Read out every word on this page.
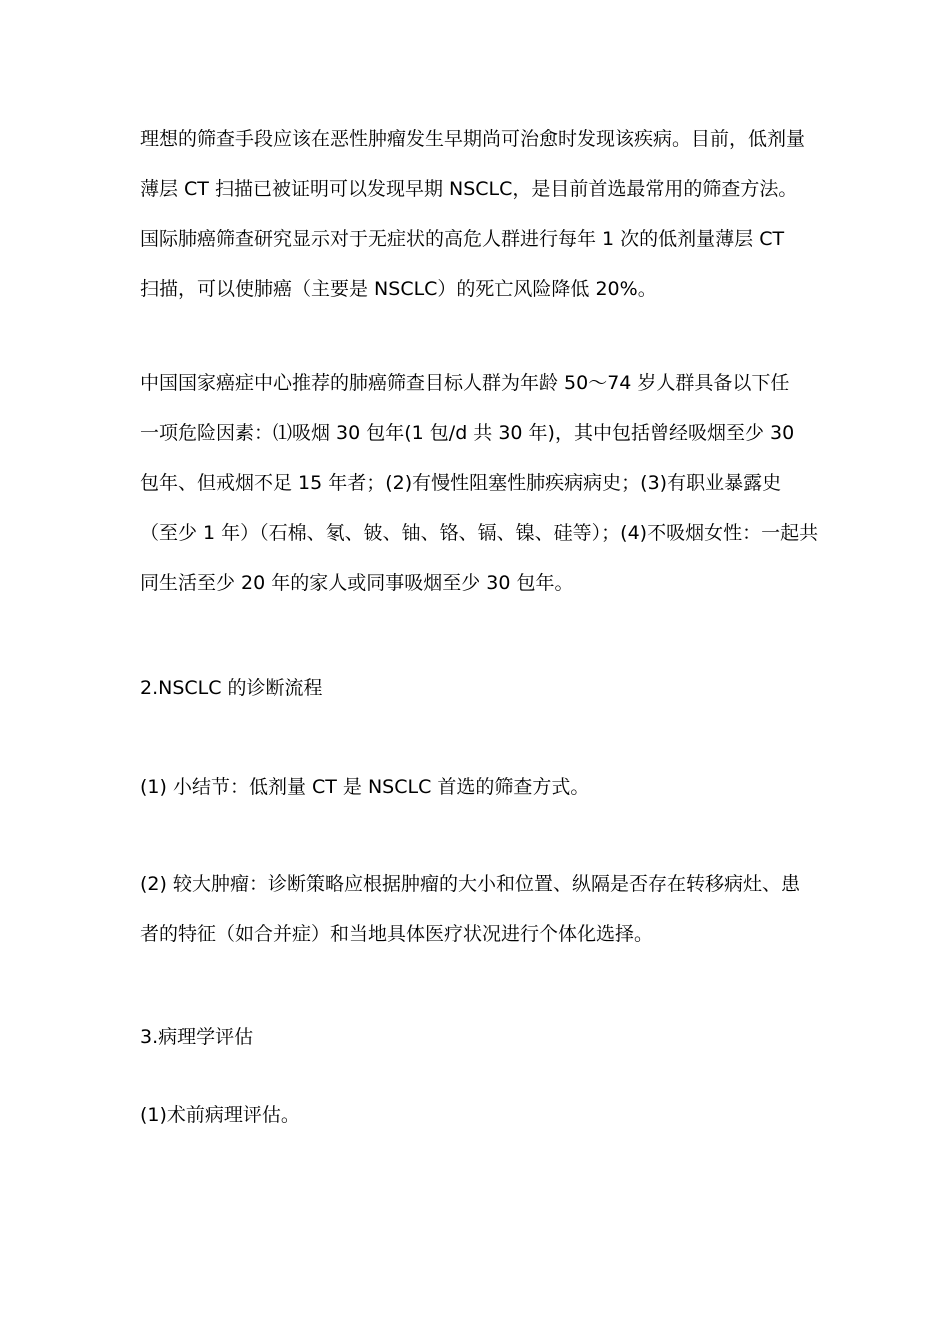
理想的筛查手段应该在恶性肿瘤发生早期尚可治愈时发现该疾病。目前，低剂量
薄层 CT 扫描已被证明可以发现早期 NSCLC，是目前首选最常用的筛查方法。
国际肺癌筛查研究显示对于无症状的高危人群进行每年 1 次的低剂量薄层 CT
扫描，可以使肺癌（主要是 NSCLC）的死亡风险降低 20%。
中国国家癌症中心推荐的肺癌筛查目标人群为年龄 50～74 岁人群具备以下任
一项危险因素：⑴吸烟 30 包年(1 包/d 共 30 年)，其中包括曾经吸烟至少 30
包年、但戒烟不足 15 年者；(2)有慢性阻塞性肺疾病病史；(3)有职业暴露史
（至少 1 年）（石棉、氡、铍、铀、铬、镉、镍、硅等）；(4)不吸烟女性：一起共
同生活至少 20 年的家人或同事吸烟至少 30 包年。
2.NSCLC 的诊断流程
(1) 小结节：低剂量 CT 是 NSCLC 首选的筛查方式。
(2) 较大肿瘤：诊断策略应根据肿瘤的大小和位置、纵隔是否存在转移病灶、患
者的特征（如合并症）和当地具体医疗状况进行个体化选择。
3.病理学评估
(1)术前病理评估。
